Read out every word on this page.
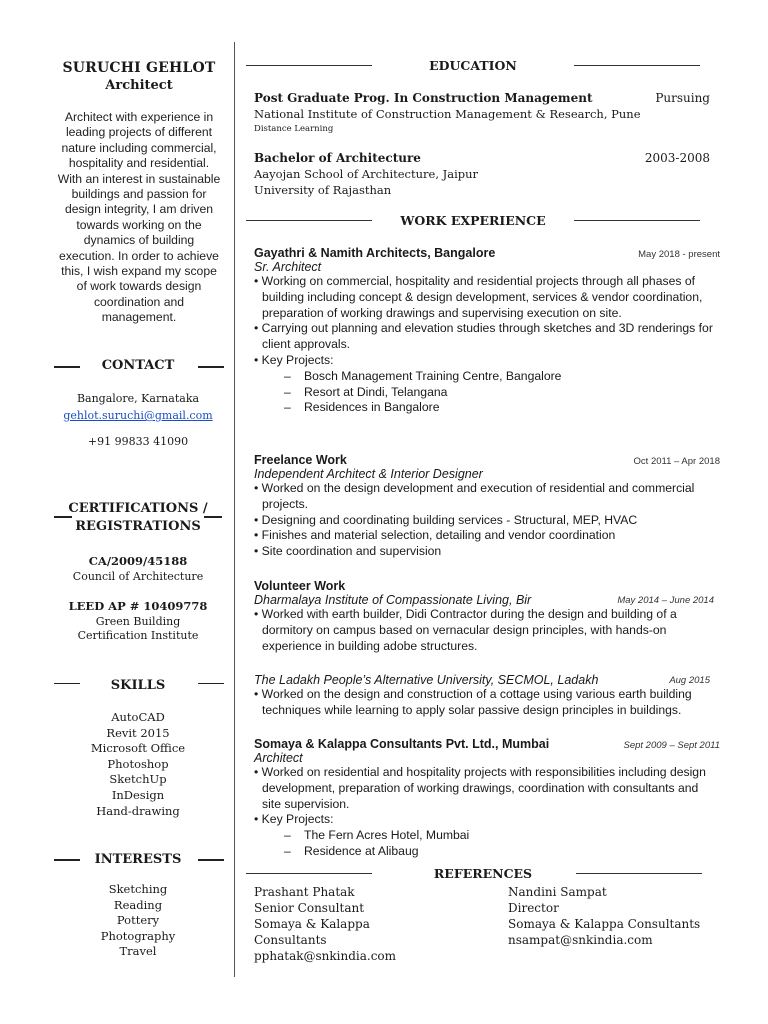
SURUCHI GEHLOT
Architect
Architect with experience in leading projects of different nature including commercial, hospitality and residential. With an interest in sustainable buildings and passion for design integrity, I am driven towards working on the dynamics of building execution. In order to achieve this, I wish expand my scope of work towards design coordination and management.
CONTACT
Bangalore, Karnataka
gehlot.suruchi@gmail.com
+91 99833 41090
CERTIFICATIONS /
REGISTRATIONS
CA/2009/45188
Council of Architecture
LEED AP # 10409778
Green Building Certification Institute
SKILLS
AutoCAD
Revit 2015
Microsoft Office
Photoshop
SketchUp
InDesign
Hand-drawing
INTERESTS
Sketching
Reading
Pottery
Photography
Travel
EDUCATION
Post Graduate Prog. In Construction Management	Pursuing
National Institute of Construction Management & Research, Pune
Distance Learning
Bachelor of Architecture	2003-2008
Aayojan School of Architecture, Jaipur
University of Rajasthan
WORK EXPERIENCE
Gayathri & Namith Architects, Bangalore	May 2018 - present
Sr. Architect
• Working on commercial, hospitality and residential projects through all phases of building including concept & design development, services & vendor coordination, preparation of working drawings and supervising execution on site.
• Carrying out planning and elevation studies through sketches and 3D renderings for client approvals.
• Key Projects:
– Bosch Management Training Centre, Bangalore
– Resort at Dindi, Telangana
– Residences in Bangalore
Freelance Work	Oct 2011 – Apr 2018
Independent Architect & Interior Designer
• Worked on the design development and execution of residential and commercial projects.
• Designing and coordinating building services - Structural, MEP, HVAC
• Finishes and material selection, detailing and vendor coordination
• Site coordination and supervision
Volunteer Work
Dharmalaya Institute of Compassionate Living, Bir	May 2014 – June 2014
• Worked with earth builder, Didi Contractor during the design and building of a dormitory on campus based on vernacular design principles, with hands-on experience in building adobe structures.
The Ladakh People’s Alternative University, SECMOL, Ladakh	Aug 2015
• Worked on the design and construction of a cottage using various earth building techniques while learning to apply solar passive design principles in buildings.
Somaya & Kalappa Consultants Pvt. Ltd., Mumbai	Sept 2009 – Sept 2011
Architect
• Worked on residential and hospitality projects with responsibilities including design development, preparation of working drawings, coordination with consultants and site supervision.
• Key Projects:
– The Fern Acres Hotel, Mumbai
– Residence at Alibaug
REFERENCES
Prashant Phatak
Senior Consultant
Somaya & Kalappa
Consultants
pphatak@snkindia.com
Nandini Sampat
Director
Somaya & Kalappa Consultants
nsampat@snkindia.com
